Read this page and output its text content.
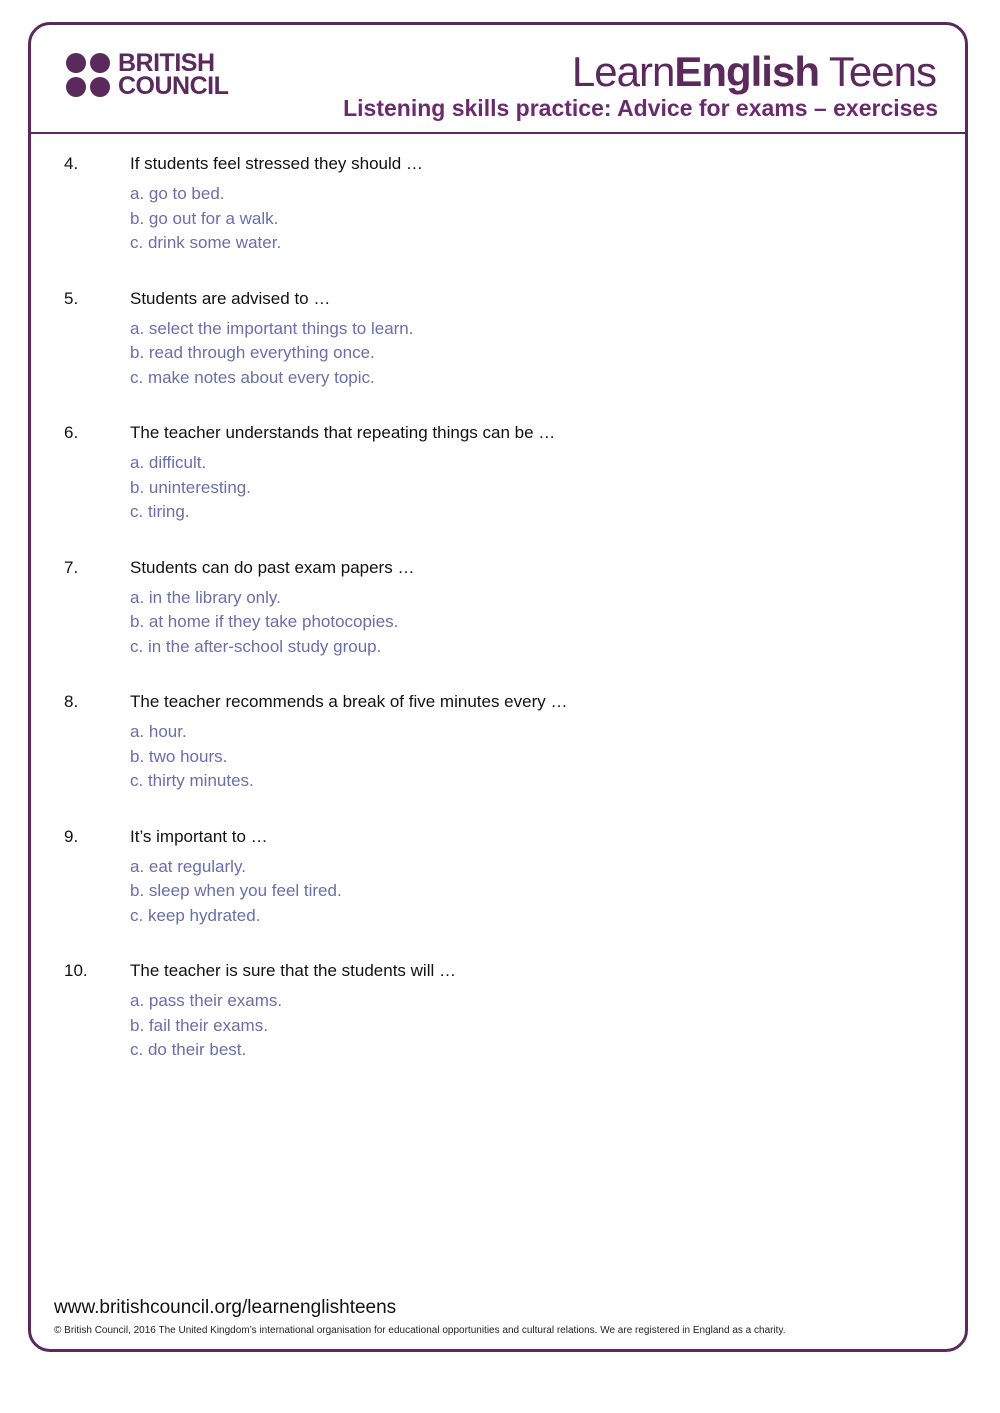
BRITISH
COUNCIL	LearnEnglish Teens
Listening skills practice: Advice for exams – exercises
4.	If students feel stressed they should …
a. go to bed.
b. go out for a walk.
c. drink some water.
5.	Students are advised to …
a. select the important things to learn.
b. read through everything once.
c. make notes about every topic.
6.	The teacher understands that repeating things can be …
a. difficult.
b. uninteresting.
c. tiring.
7.	Students can do past exam papers …
a. in the library only.
b. at home if they take photocopies.
c. in the after-school study group.
8.	The teacher recommends a break of five minutes every …
a. hour.
b. two hours.
c. thirty minutes.
9.	It’s important to …
a. eat regularly.
b. sleep when you feel tired.
c. keep hydrated.
10.	The teacher is sure that the students will …
a. pass their exams.
b. fail their exams.
c. do their best.
www.britishcouncil.org/learnenglishteens
© British Council, 2016 The United Kingdom’s international organisation for educational opportunities and cultural relations. We are registered in England as a charity.
